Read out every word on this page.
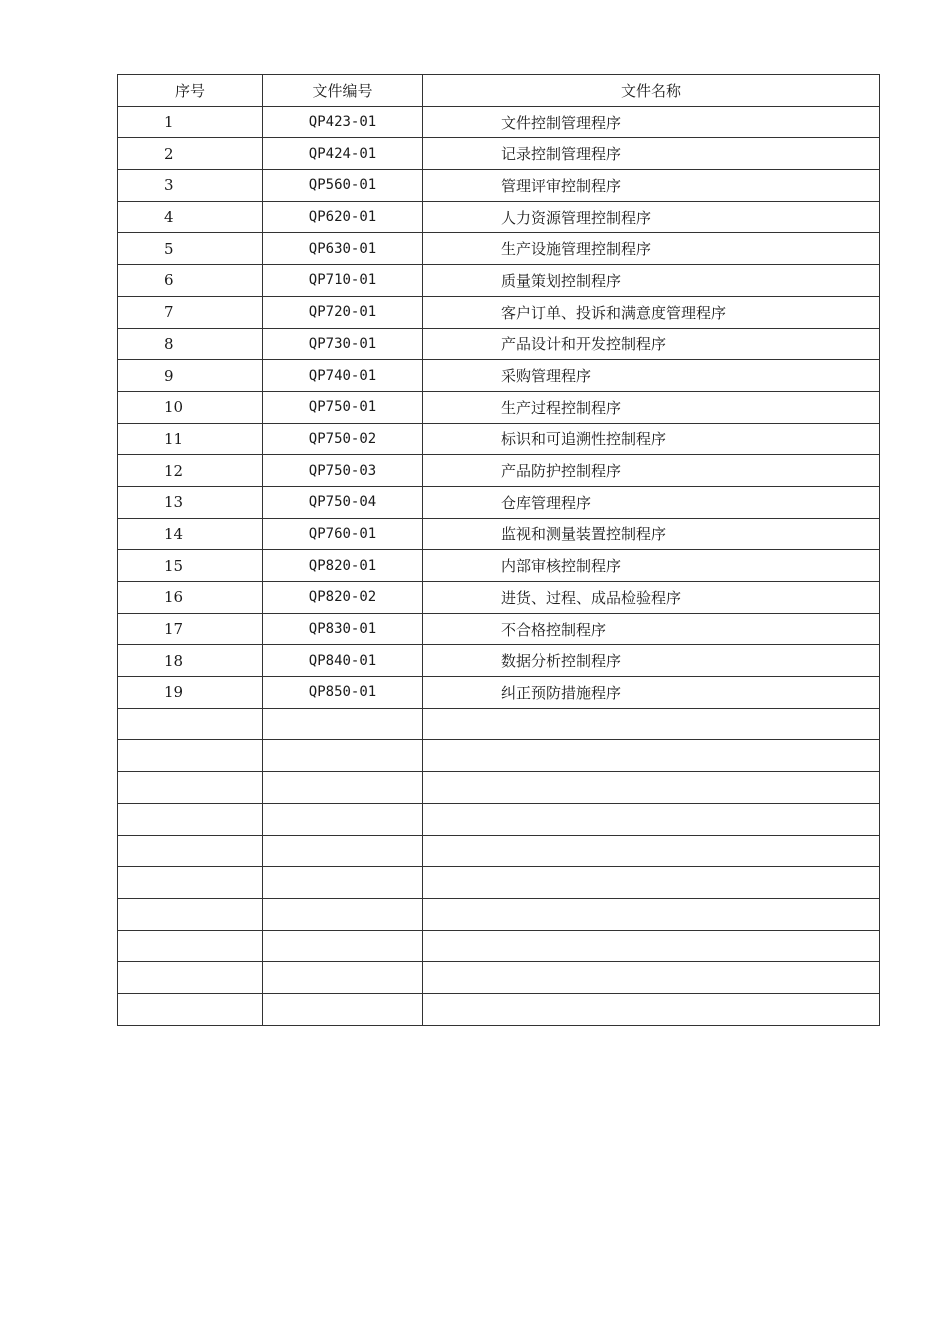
序号	文件编号	文件名称
1	QP423-01	文件控制管理程序
2	QP424-01	记录控制管理程序
3	QP560-01	管理评审控制程序
4	QP620-01	人力资源管理控制程序
5	QP630-01	生产设施管理控制程序
6	QP710-01	质量策划控制程序
7	QP720-01	客户订单、投诉和满意度管理程序
8	QP730-01	产品设计和开发控制程序
9	QP740-01	采购管理程序
10	QP750-01	生产过程控制程序
11	QP750-02	标识和可追溯性控制程序
12	QP750-03	产品防护控制程序
13	QP750-04	仓库管理程序
14	QP760-01	监视和测量装置控制程序
15	QP820-01	内部审核控制程序
16	QP820-02	进货、过程、成品检验程序
17	QP830-01	不合格控制程序
18	QP840-01	数据分析控制程序
19	QP850-01	纠正预防措施程序
